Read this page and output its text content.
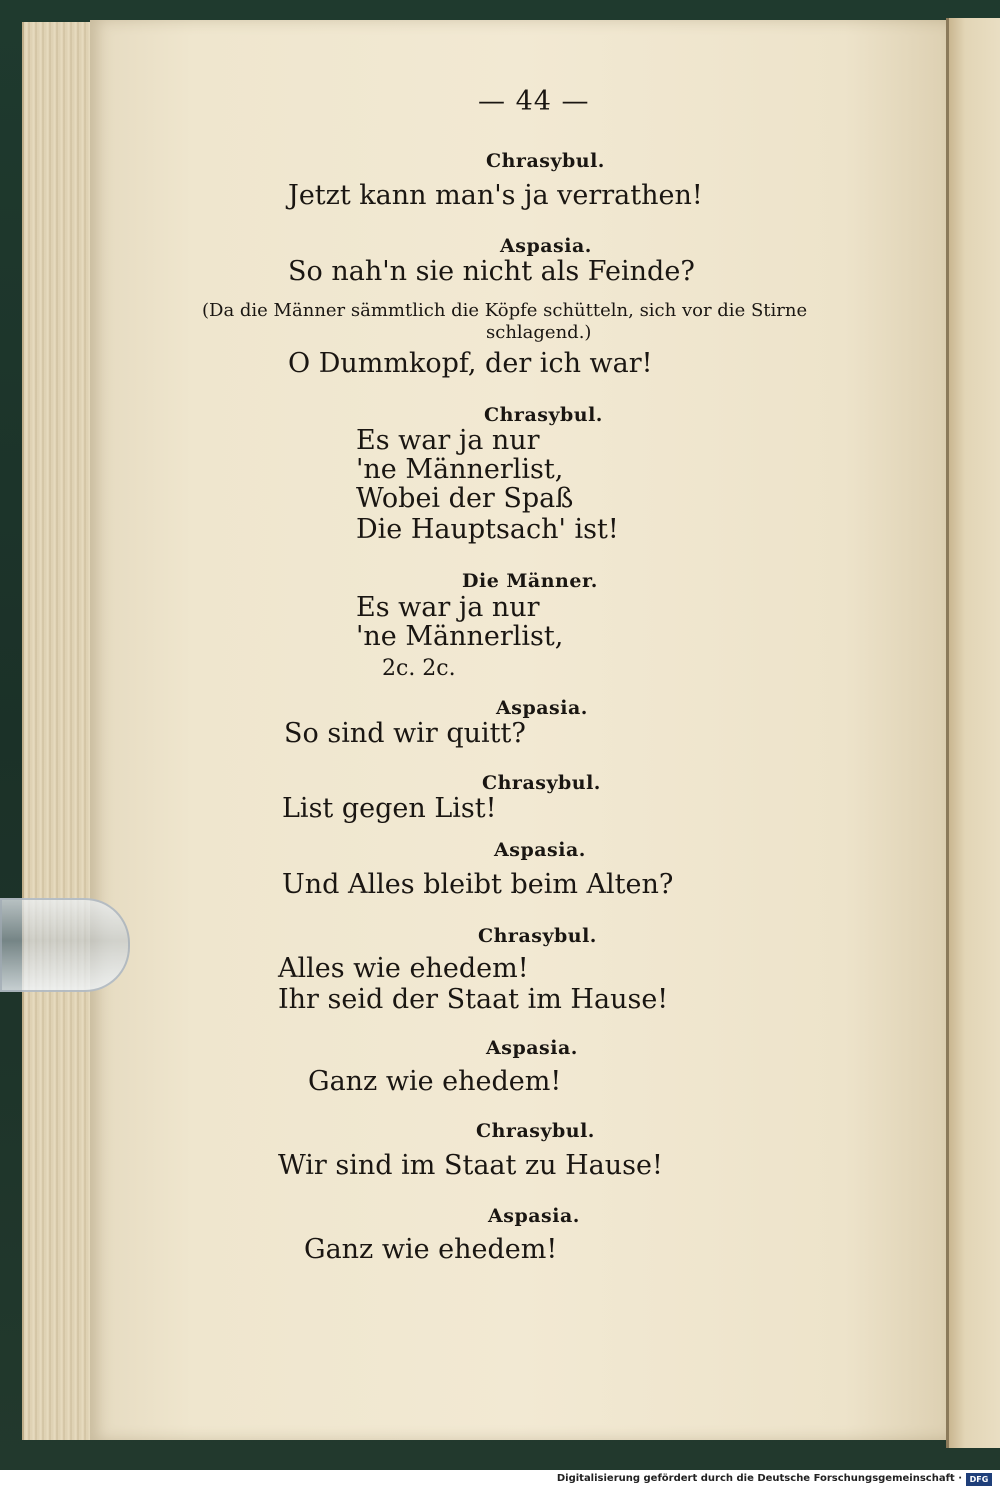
— 44 —
Chrasybul.
Jetzt kann man's ja verrathen!
Aspasia.
So nah'n sie nicht als Feinde?
(Da die Männer sämmtlich die Köpfe schütteln, sich vor die Stirne
schlagend.)
O Dummkopf, der ich war!
Chrasybul.
Es war ja nur
'ne Männerlist,
Wobei der Spaß
Die Hauptsach' ist!
Die Männer.
Es war ja nur
'ne Männerlist,
2c. 2c.
Aspasia.
So sind wir quitt?
Chrasybul.
List gegen List!
Aspasia.
Und Alles bleibt beim Alten?
Chrasybul.
Alles wie ehedem!
Ihr seid der Staat im Hause!
Aspasia.
Ganz wie ehedem!
Chrasybul.
Wir sind im Staat zu Hause!
Aspasia.
Ganz wie ehedem!
Digitalisierung gefördert durch die Deutsche Forschungsgemeinschaft · DFG
